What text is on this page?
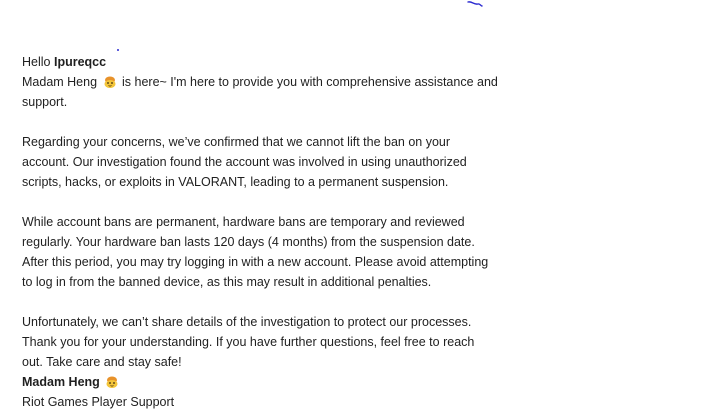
Hello Ipureqcc
Madam Heng is here~ I'm here to provide you with comprehensive assistance and
support.
Regarding your concerns, we’ve confirmed that we cannot lift the ban on your
account. Our investigation found the account was involved in using unauthorized
scripts, hacks, or exploits in VALORANT, leading to a permanent suspension.
While account bans are permanent, hardware bans are temporary and reviewed
regularly. Your hardware ban lasts 120 days (4 months) from the suspension date.
After this period, you may try logging in with a new account. Please avoid attempting
to log in from the banned device, as this may result in additional penalties.
Unfortunately, we can’t share details of the investigation to protect our processes.
Thank you for your understanding. If you have further questions, feel free to reach
out. Take care and stay safe!
Madam Heng
Riot Games Player Support
